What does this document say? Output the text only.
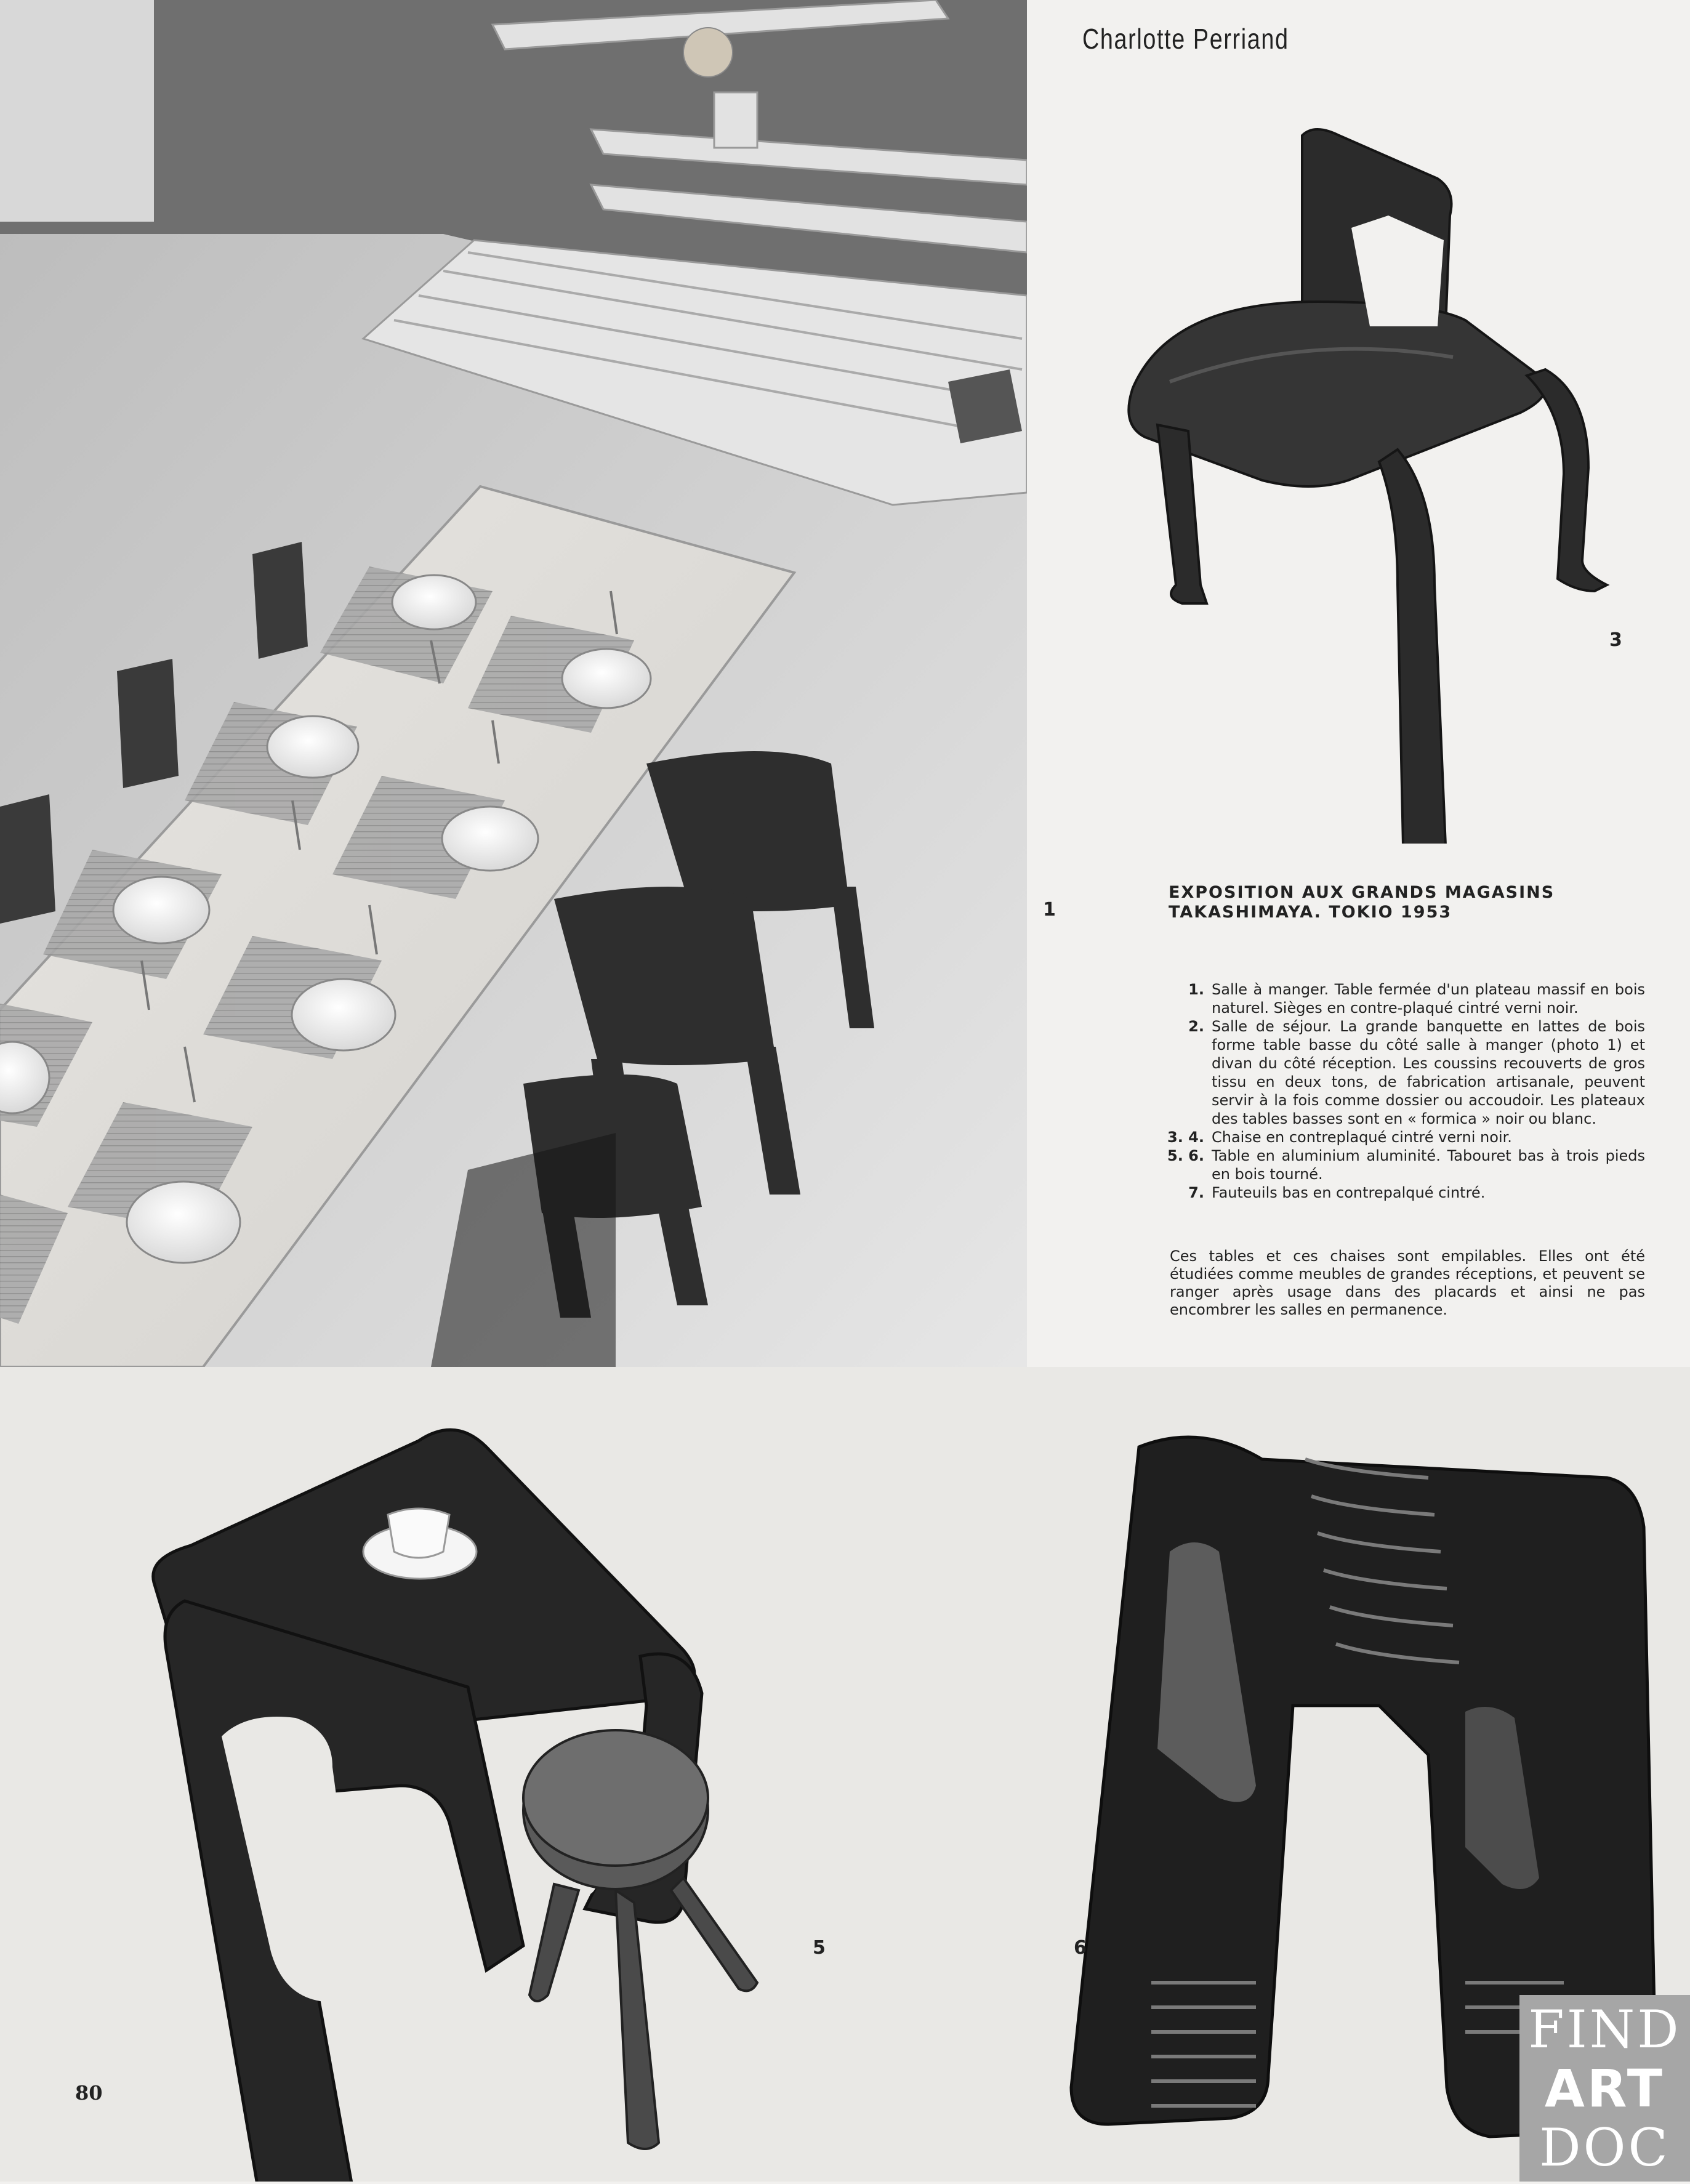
1
Charlotte Perriand
3
EXPOSITION AUX GRANDS MAGASINS
TAKASHIMAYA. TOKIO 1953
1. Salle à manger. Table fermée d'un plateau massif en bois naturel. Sièges en contre-plaqué cintré verni noir.
2. Salle de séjour. La grande banquette en lattes de bois forme table basse du côté salle à manger (photo 1) et divan du côté réception. Les coussins recouverts de gros tissu en deux tons, de fabrication artisanale, peuvent servir à la fois comme dossier ou accoudoir. Les plateaux des tables basses sont en « formica » noir ou blanc.
3. 4. Chaise en contreplaqué cintré verni noir.
5. 6. Table en aluminium aluminité. Tabouret bas à trois pieds en bois tourné.
7. Fauteuils bas en contrepalqué cintré.
Ces tables et ces chaises sont empilables. Elles ont été étudiées comme meubles de grandes réceptions, et peuvent se ranger après usage dans des placards et ainsi ne pas encombrer les salles en permanence.
5	6
80
FIND
ART
DOC
